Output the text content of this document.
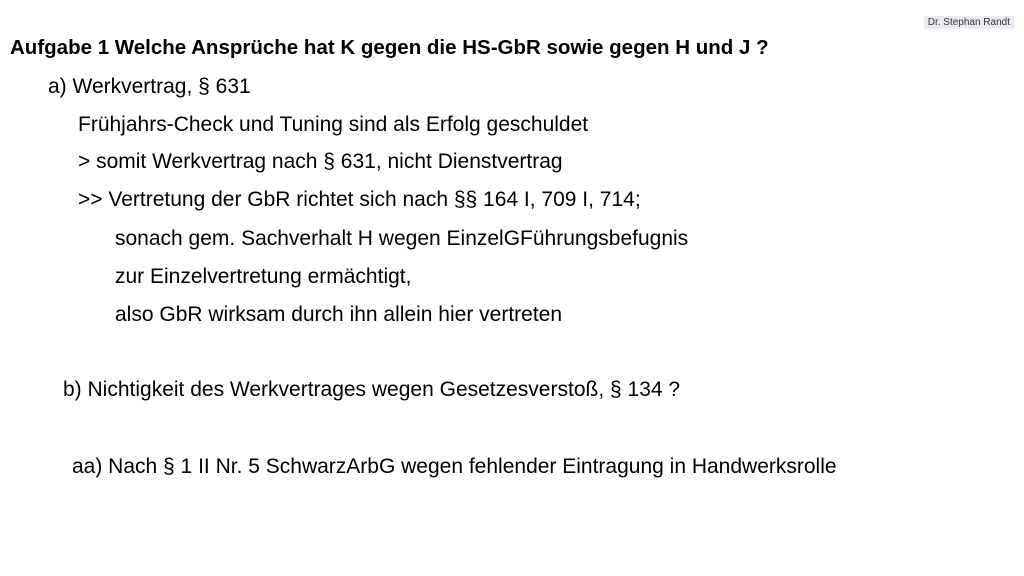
Dr. Stephan Randt
Aufgabe 1 Welche Ansprüche hat K gegen die HS-GbR sowie gegen H und J ?
a) Werkvertrag, § 631
Frühjahrs-Check und Tuning sind als Erfolg geschuldet
> somit Werkvertrag nach § 631, nicht Dienstvertrag
>> Vertretung der GbR richtet sich nach §§ 164 I, 709 I, 714;
sonach gem. Sachverhalt H wegen EinzelGFührungsbefugnis
zur Einzelvertretung ermächtigt,
also GbR wirksam durch ihn allein hier vertreten
b) Nichtigkeit des Werkvertrages wegen Gesetzesverstoß, § 134 ?
aa) Nach § 1 II Nr. 5 SchwarzArbG wegen fehlender Eintragung in Handwerksrolle
